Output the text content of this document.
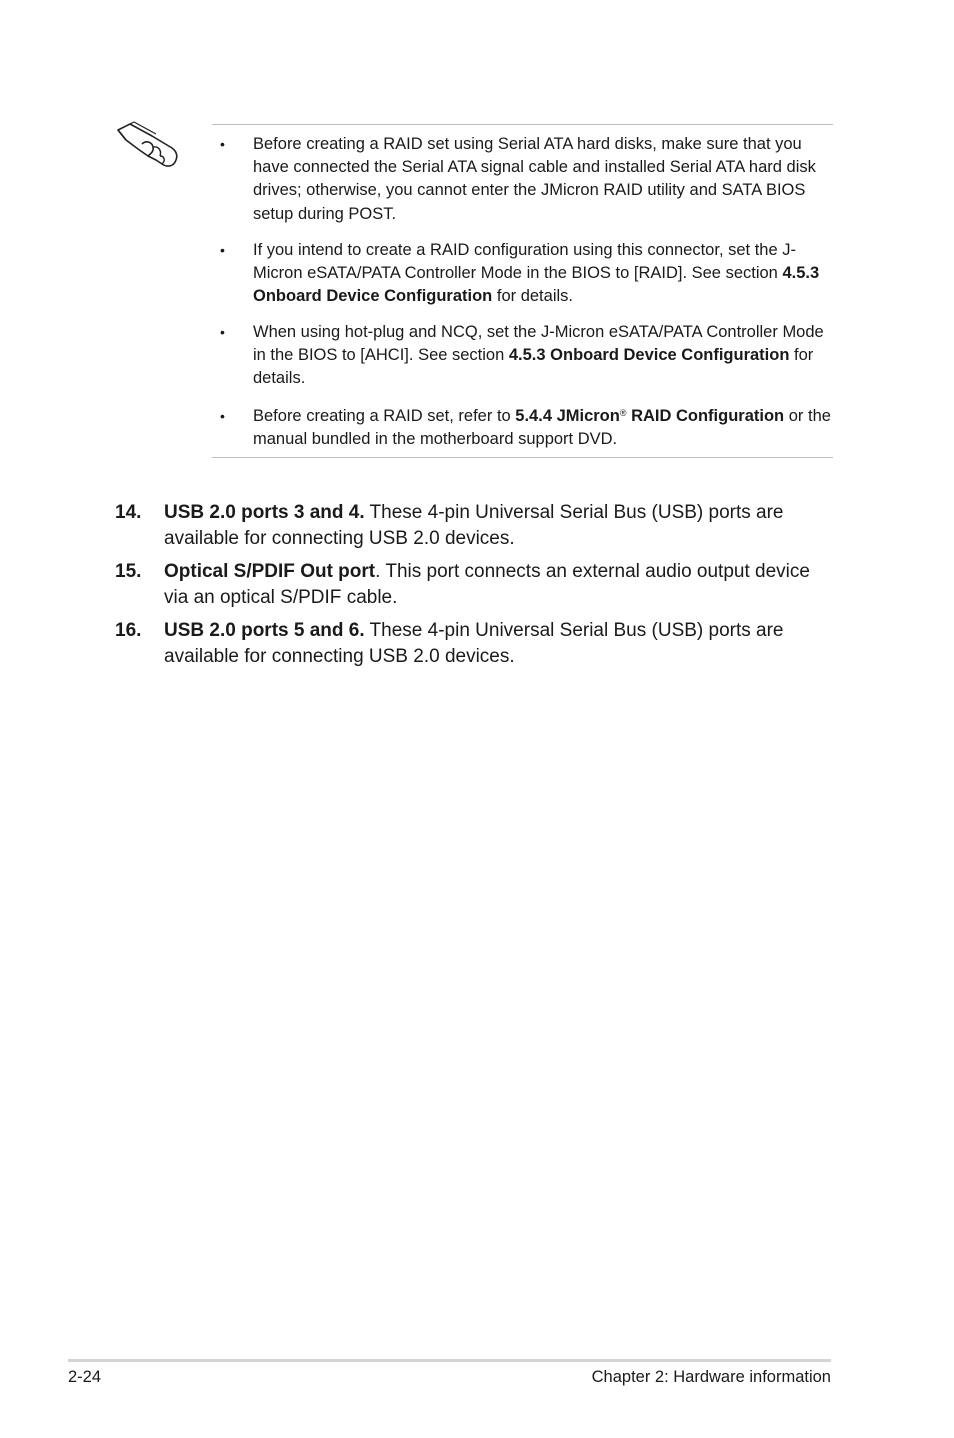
• Before creating a RAID set using Serial ATA hard disks, make sure that you have connected the Serial ATA signal cable and installed Serial ATA hard disk drives; otherwise, you cannot enter the JMicron RAID utility and SATA BIOS setup during POST.
• If you intend to create a RAID configuration using this connector, set the J-Micron eSATA/PATA Controller Mode in the BIOS to [RAID]. See section 4.5.3 Onboard Device Configuration for details.
• When using hot-plug and NCQ, set the J-Micron eSATA/PATA Controller Mode in the BIOS to [AHCI]. See section 4.5.3 Onboard Device Configuration for details.
• Before creating a RAID set, refer to 5.4.4 JMicron® RAID Configuration or the manual bundled in the motherboard support DVD.
14. USB 2.0 ports 3 and 4. These 4-pin Universal Serial Bus (USB) ports are available for connecting USB 2.0 devices.
15. Optical S/PDIF Out port. This port connects an external audio output device via an optical S/PDIF cable.
16. USB 2.0 ports 5 and 6. These 4-pin Universal Serial Bus (USB) ports are available for connecting USB 2.0 devices.
2-24	Chapter 2: Hardware information
